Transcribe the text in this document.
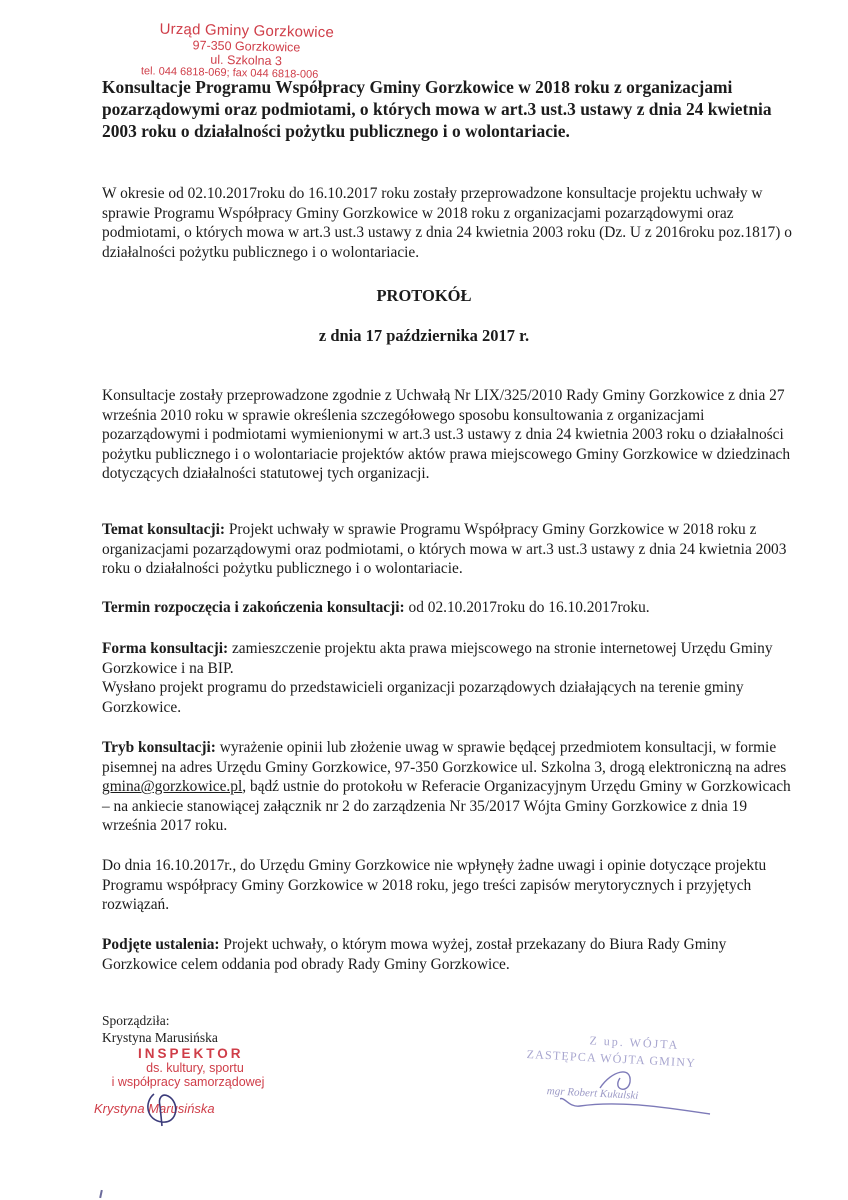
Urząd Gminy Gorzkowice
97-350 Gorzkowice
ul. Szkolna 3
tel. 044 6818-069; fax 044 6818-006
Konsultacje Programu Współpracy Gminy Gorzkowice w 2018 roku z organizacjami pozarządowymi oraz podmiotami, o których mowa w art.3 ust.3 ustawy z dnia 24 kwietnia 2003 roku o działalności pożytku publicznego i o wolontariacie.

W okresie od 02.10.2017roku do 16.10.2017 roku zostały przeprowadzone konsultacje projektu uchwały w sprawie Programu Współpracy Gminy Gorzkowice w 2018 roku z organizacjami pozarządowymi oraz podmiotami, o których mowa w art.3 ust.3 ustawy z dnia 24 kwietnia 2003 roku (Dz. U z 2016roku poz.1817) o działalności pożytku publicznego i o wolontariacie.

PROTOKÓŁ

z dnia 17 października 2017 r.

Konsultacje zostały przeprowadzone zgodnie z Uchwałą Nr LIX/325/2010 Rady Gminy Gorzkowice z dnia 27 września 2010 roku w sprawie określenia szczegółowego sposobu konsultowania z organizacjami pozarządowymi i podmiotami wymienionymi w art.3 ust.3 ustawy z dnia 24 kwietnia 2003 roku o działalności pożytku publicznego i o wolontariacie projektów aktów prawa miejscowego Gminy Gorzkowice w dziedzinach dotyczących działalności statutowej tych organizacji.

Temat konsultacji: Projekt uchwały w sprawie Programu Współpracy Gminy Gorzkowice w 2018 roku z organizacjami pozarządowymi oraz podmiotami, o których mowa w art.3 ust.3 ustawy z dnia 24 kwietnia 2003 roku o działalności pożytku publicznego i o wolontariacie.

Termin rozpoczęcia i zakończenia konsultacji: od 02.10.2017roku do 16.10.2017roku.

Forma konsultacji: zamieszczenie projektu akta prawa miejscowego na stronie internetowej Urzędu Gminy Gorzkowice i na BIP.
Wysłano projekt programu do przedstawicieli organizacji pozarządowych działających na terenie gminy Gorzkowice.

Tryb konsultacji: wyrażenie opinii lub złożenie uwag w sprawie będącej przedmiotem konsultacji, w formie pisemnej na adres Urzędu Gminy Gorzkowice, 97-350 Gorzkowice ul. Szkolna 3, drogą elektroniczną na adres gmina@gorzkowice.pl, bądź ustnie do protokołu w Referacie Organizacyjnym Urzędu Gminy w Gorzkowicach – na ankiecie stanowiącej załącznik nr 2 do zarządzenia Nr 35/2017 Wójta Gminy Gorzkowice z dnia 19 września 2017 roku.

Do dnia 16.10.2017r., do Urzędu Gminy Gorzkowice nie wpłynęły żadne uwagi i opinie dotyczące projektu Programu współpracy Gminy Gorzkowice w 2018 roku, jego treści zapisów merytorycznych i przyjętych rozwiązań.

Podjęte ustalenia: Projekt uchwały, o którym mowa wyżej, został przekazany do Biura Rady Gminy Gorzkowice celem oddania pod obrady Rady Gminy Gorzkowice.

Sporządziła:
Krystyna Marusińska
INSPEKTOR
ds. kultury, sportu
i współpracy samorządowej
Krystyna Marusińska
Z up. WÓJTA
ZASTĘPCA WÓJTA GMINY
mgr Robert Kukulski
